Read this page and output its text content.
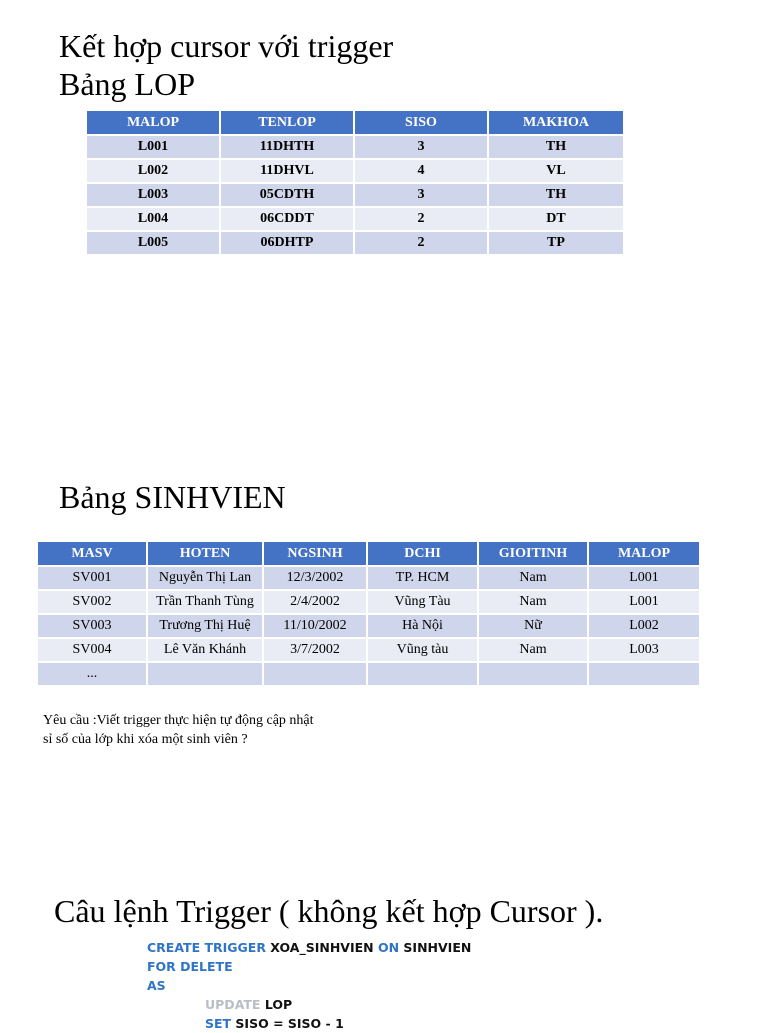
Kết hợp cursor với trigger
Bảng LOP
MALOP	TENLOP	SISO	MAKHOA
L001	11DHTH	3	TH
L002	11DHVL	4	VL
L003	05CDTH	3	TH
L004	06CDDT	2	DT
L005	06DHTP	2	TP
Bảng SINHVIEN
MASV	HOTEN	NGSINH	DCHI	GIOITINH	MALOP
SV001	Nguyễn Thị Lan	12/3/2002	TP. HCM	Nam	L001
SV002	Trần Thanh Tùng	2/4/2002	Vũng Tàu	Nam	L001
SV003	Trương Thị Huệ	11/10/2002	Hà Nội	Nữ	L002
SV004	Lê Văn Khánh	3/7/2002	Vũng tàu	Nam	L003
...					
Yêu cầu :Viết trigger thực hiện tự động cập nhật
sỉ số của lớp khi xóa một sinh viên ?
Câu lệnh Trigger ( không kết hợp Cursor ).
CREATE TRIGGER XOA_SINHVIEN ON SINHVIEN
FOR DELETE
AS
UPDATE LOP
SET SISO = SISO - 1
